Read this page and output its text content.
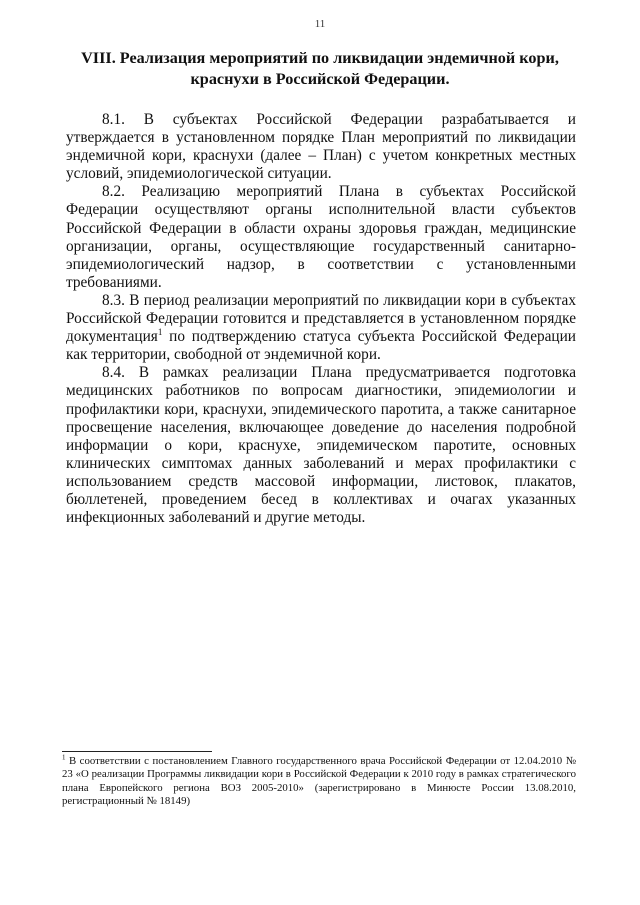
11
VIII. Реализация мероприятий по ликвидации эндемичной кори,
краснухи в Российской Федерации.

8.1. В субъектах Российской Федерации разрабатывается и утверждается в установленном порядке План мероприятий по ликвидации эндемичной кори, краснухи (далее – План) с учетом конкретных местных условий, эпидемиологической ситуации.

8.2. Реализацию мероприятий Плана в субъектах Российской Федерации осуществляют органы исполнительной власти субъектов Российской Федерации в области охраны здоровья граждан, медицинские организации, органы, осуществляющие государственный санитарно-эпидемиологический надзор, в соответствии с установленными требованиями.

8.3. В период реализации мероприятий по ликвидации кори в субъектах Российской Федерации готовится и представляется в установленном порядке документация$^1$ по подтверждению статуса субъекта Российской Федерации как территории, свободной от эндемичной кори.

8.4. В рамках реализации Плана предусматривается подготовка медицинских работников по вопросам диагностики, эпидемиологии и профилактики кори, краснухи, эпидемического паротита, а также санитарное просвещение населения, включающее доведение до населения подробной информации о кори, краснухе, эпидемическом паротите, основных клинических симптомах данных заболеваний и мерах профилактики с использованием средств массовой информации, листовок, плакатов, бюллетеней, проведением бесед в коллективах и очагах указанных инфекционных заболеваний и другие методы.

$^1$ В соответствии с постановлением Главного государственного врача Российской Федерации от 12.04.2010 № 23 «О реализации Программы ликвидации кори в Российской Федерации к 2010 году в рамках стратегического плана Европейского региона ВОЗ 2005-2010» (зарегистрировано в Минюсте России 13.08.2010, регистрационный № 18149)
